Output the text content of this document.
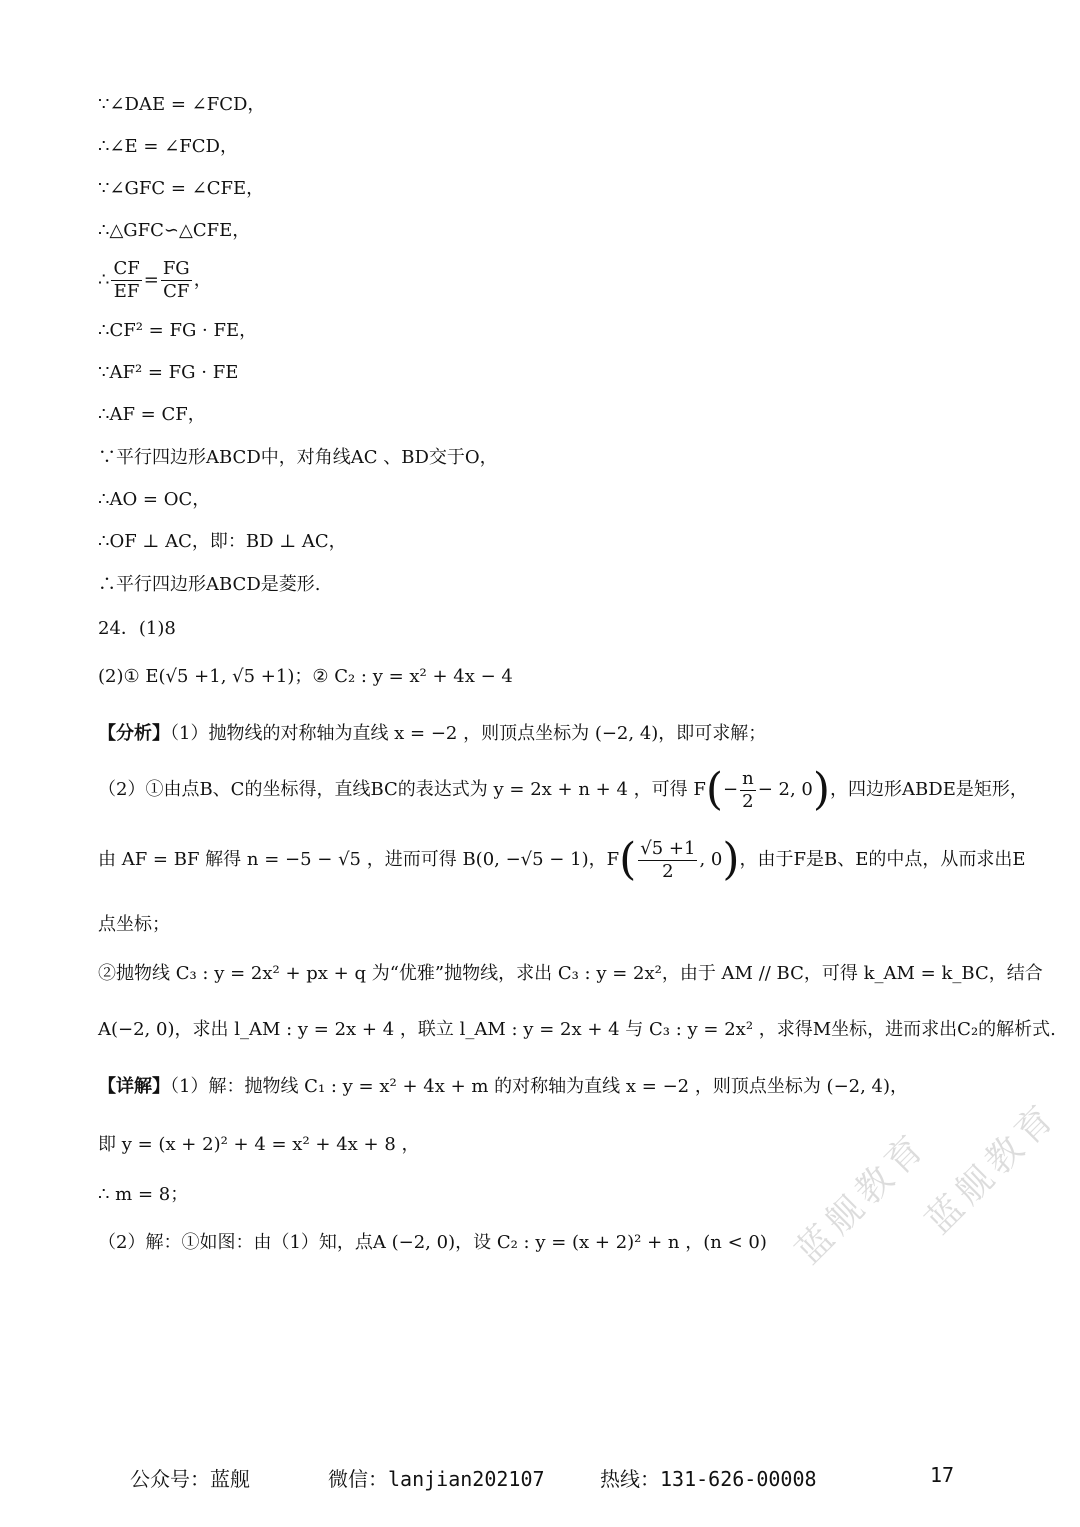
∵∠DAE = ∠FCD，
∴∠E = ∠FCD，
∵∠GFC = ∠CFE，
∴△GFC∽△CFE，
∴ $\frac{CF}{EF} = \frac{FG}{CF}$ ，
∴CF² = FG · FE，
∵AF² = FG · FE
∴AF = CF，
∵平行四边形ABCD中，对角线AC 、BD交于O，
∴AO = OC，
∴OF ⊥ AC，即：BD ⊥ AC，
∴平行四边形ABCD是菱形.
24．(1)8
(2)① E(√5 +1, √5 +1)；② C₂ : y = x² + 4x − 4
【分析】（1）抛物线的对称轴为直线 x = −2 ，则顶点坐标为 (−2, 4)，即可求解；
（2）①由点B、C的坐标得，直线BC的表达式为 y = 2x + n + 4 ，可得 $F(- \frac{n}{2} - 2$, 0)，四边形ABDE是矩形，
由 AF = BF 解得 n = −5 − √5 ，进而可得 B(0, −√5 − 1)，$F( \frac{√5 +1}{2}$ , 0)，由于F是B、E的中点，从而求出E
点坐标；
②抛物线 C₃ : y = 2x² + px + q 为“优雅”抛物线，求出 C₃ : y = 2x²，由于 AM // BC，可得 k_AM = k_BC，结合
A(−2, 0)，求出 l_AM : y = 2x + 4 ，联立 l_AM : y = 2x + 4 与 C₃ : y = 2x² ，求得M坐标，进而求出C₂的解析式.
【详解】（1）解：抛物线 C₁ : y = x² + 4x + m 的对称轴为直线 x = −2 ，则顶点坐标为 (−2, 4)，
即 y = (x + 2)² + 4 = x² + 4x + 8 ，
∴ m = 8；
（2）解：①如图：由（1）知，点A (−2, 0)，设 C₂ : y = (x + 2)² + n ，(n < 0) 蓝舰教育
蓝舰教育
公众号：蓝舰	微信：lanjian202107	热线：131-626-00008	17
